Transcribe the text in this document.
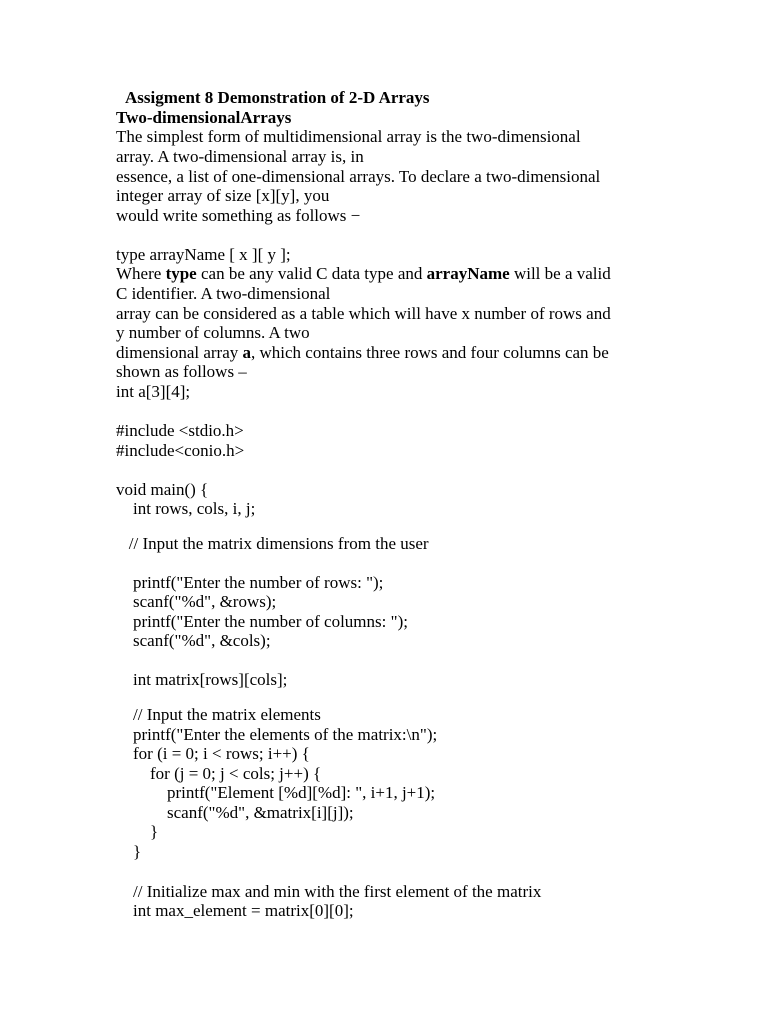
Assigment 8 Demonstration of 2-D Arrays
Two-dimensionalArrays
The simplest form of multidimensional array is the two-dimensional
array. A two-dimensional array is, in
essence, a list of one-dimensional arrays. To declare a two-dimensional
integer array of size [x][y], you
would write something as follows −
type arrayName [ x ][ y ];
Where type can be any valid C data type and arrayName will be a valid
C identifier. A two-dimensional
array can be considered as a table which will have x number of rows and
y number of columns. A two
dimensional array a, which contains three rows and four columns can be
shown as follows –
int a[3][4];
#include <stdio.h>
#include<conio.h>
void main() {
int rows, cols, i, j;
// Input the matrix dimensions from the user
printf("Enter the number of rows: ");
scanf("%d", &rows);
printf("Enter the number of columns: ");
scanf("%d", &cols);
int matrix[rows][cols];
// Input the matrix elements
printf("Enter the elements of the matrix:\n");
for (i = 0; i < rows; i++) {
for (j = 0; j < cols; j++) {
printf("Element [%d][%d]: ", i+1, j+1);
scanf("%d", &matrix[i][j]);
}
}
// Initialize max and min with the first element of the matrix
int max_element = matrix[0][0];
